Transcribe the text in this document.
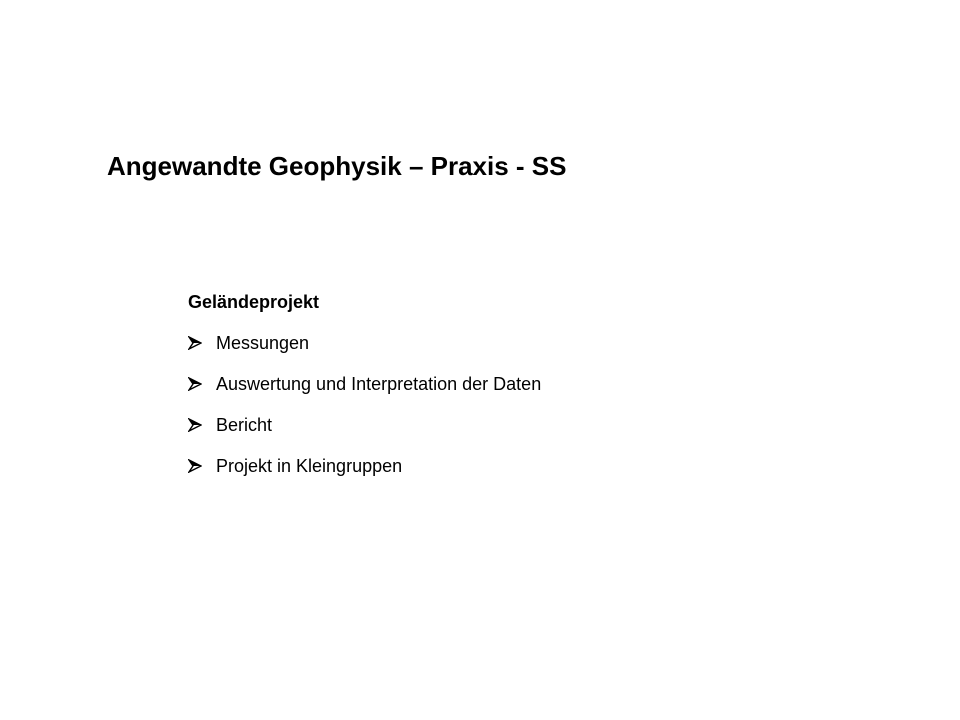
Angewandte Geophysik – Praxis - SS
Geländeprojekt
Messungen
Auswertung und Interpretation der Daten
Bericht
Projekt in Kleingruppen
